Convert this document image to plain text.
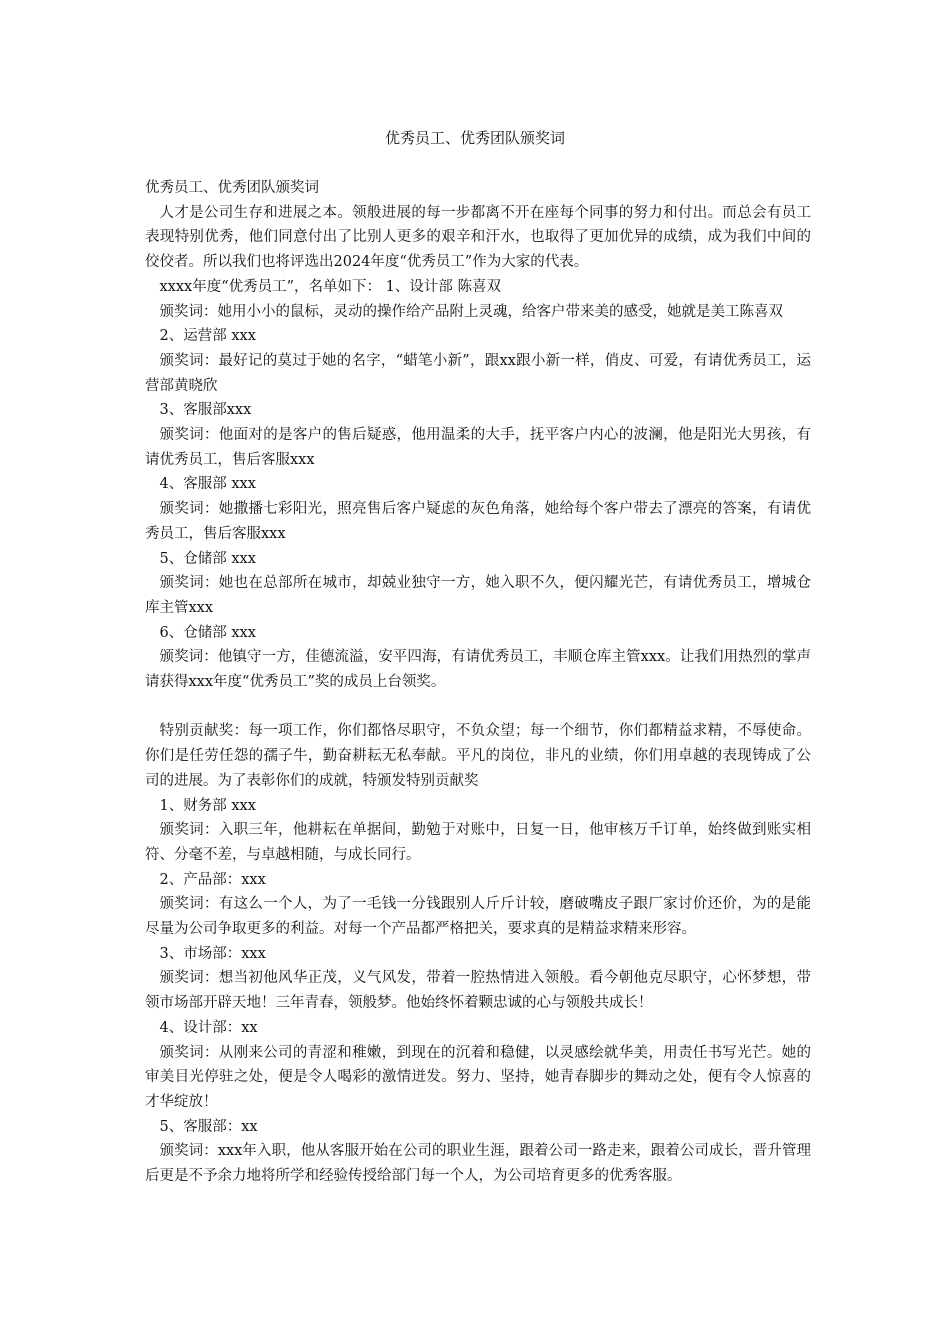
优秀员工、优秀团队颁奖词

优秀员工、优秀团队颁奖词

人才是公司生存和进展之本。领般进展的每一步都离不开在座每个同事的努力和付出。而总会有员工表现特别优秀，他们同意付出了比别人更多的艰辛和汗水，也取得了更加优异的成绩，成为我们中间的佼佼者。所以我们也将评选出2024年度“优秀员工”作为大家的代表。

xxxx年度“优秀员工”，名单如下： 1、设计部 陈喜双

颁奖词：她用小小的鼠标，灵动的操作给产品附上灵魂，给客户带来美的感受，她就是美工陈喜双

2、运营部 xxx

颁奖词：最好记的莫过于她的名字，“蜡笔小新”，跟xx跟小新一样，俏皮、可爱，有请优秀员工，运营部黄晓欣

3、客服部xxx

颁奖词：他面对的是客户的售后疑惑，他用温柔的大手，抚平客户内心的波澜，他是阳光大男孩，有请优秀员工，售后客服xxx

4、客服部 xxx

颁奖词：她撒播七彩阳光，照亮售后客户疑虑的灰色角落，她给每个客户带去了漂亮的答案，有请优秀员工，售后客服xxx

5、仓储部 xxx

颁奖词：她也在总部所在城市，却兢业独守一方，她入职不久，便闪耀光芒，有请优秀员工，增城仓库主管xxx

6、仓储部 xxx

颁奖词：他镇守一方，佳德流溢，安平四海，有请优秀员工，丰顺仓库主管xxx。让我们用热烈的掌声请获得xxx年度“优秀员工”奖的成员上台领奖。

特别贡献奖：每一项工作，你们都恪尽职守，不负众望；每一个细节，你们都精益求精，不辱使命。你们是任劳任怨的孺子牛，勤奋耕耘无私奉献。平凡的岗位，非凡的业绩，你们用卓越的表现铸成了公司的进展。为了表彰你们的成就，特颁发特别贡献奖

1、财务部 xxx

颁奖词：入职三年，他耕耘在单据间，勤勉于对账中，日复一日，他审核万千订单，始终做到账实相符、分毫不差，与卓越相随，与成长同行。

2、产品部：xxx

颁奖词：有这么一个人，为了一毛钱一分钱跟别人斤斤计较，磨破嘴皮子跟厂家讨价还价，为的是能尽量为公司争取更多的利益。对每一个产品都严格把关，要求真的是精益求精来形容。

3、市场部：xxx

颁奖词：想当初他风华正茂，义气风发，带着一腔热情进入领般。看今朝他克尽职守，心怀梦想，带领市场部开辟天地！三年青春，领般梦。他始终怀着颗忠诚的心与领般共成长！

4、设计部：xx

颁奖词：从刚来公司的青涩和稚嫩，到现在的沉着和稳健，以灵感绘就华美，用责任书写光芒。她的审美目光停驻之处，便是令人喝彩的激情迸发。努力、坚持，她青春脚步的舞动之处，便有令人惊喜的才华绽放！

5、客服部：xx

颁奖词：xxx年入职，他从客服开始在公司的职业生涯，跟着公司一路走来，跟着公司成长，晋升管理后更是不予余力地将所学和经验传授给部门每一个人，为公司培育更多的优秀客服。
